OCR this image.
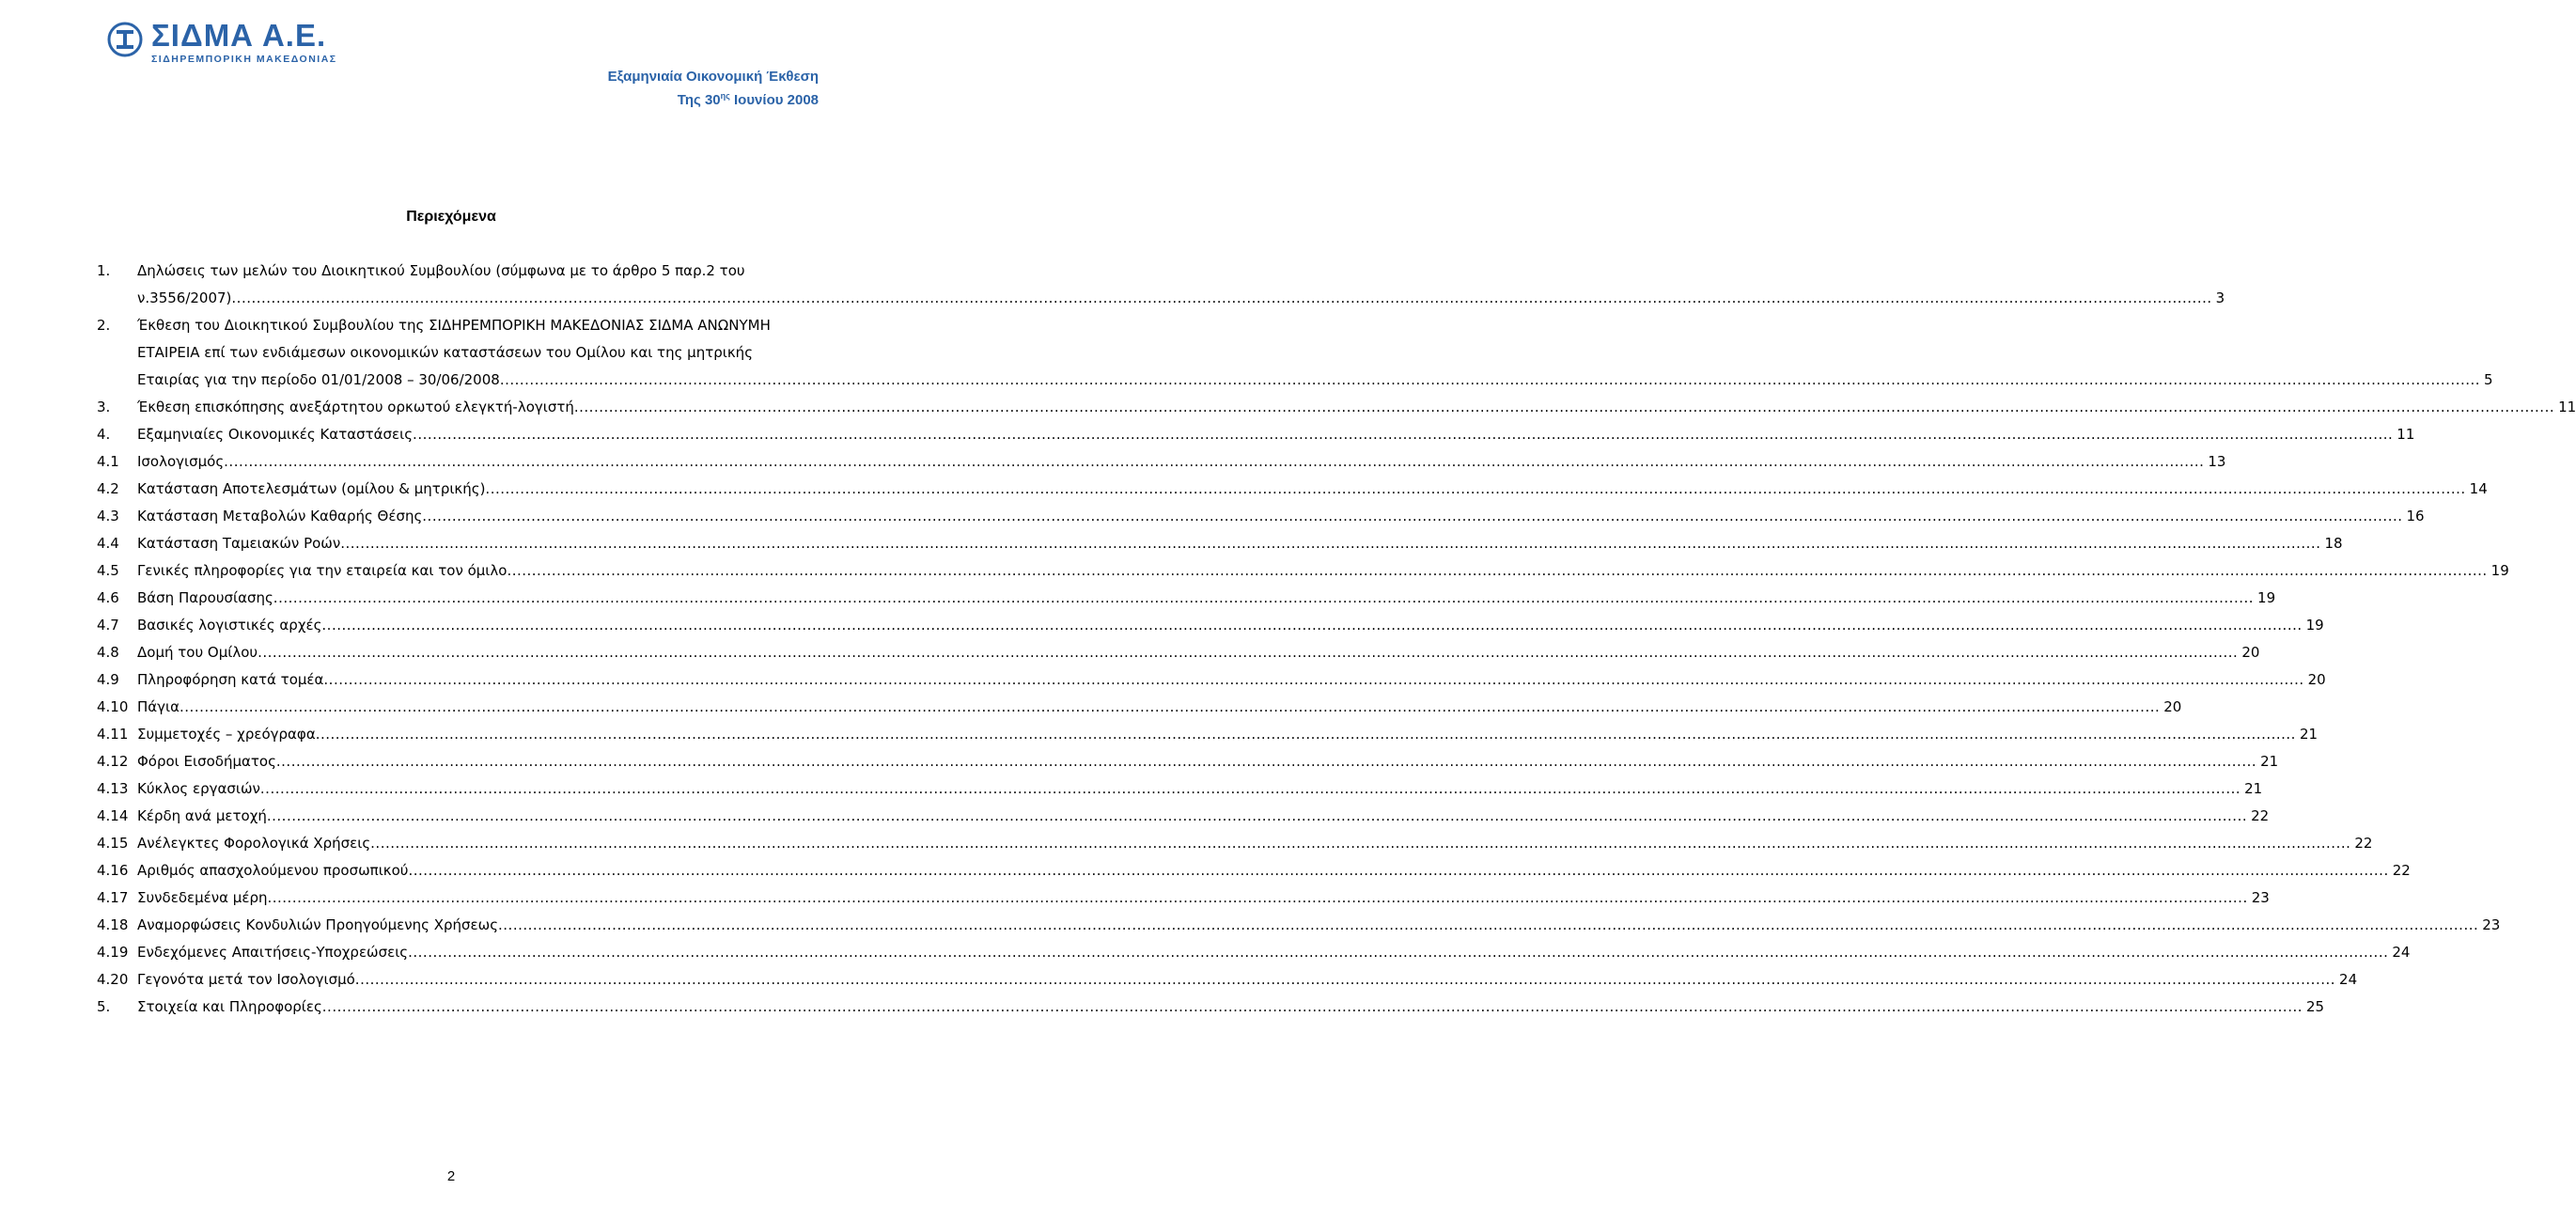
ΣΙΔΜΑ Α.Ε.
ΣΙΔΗΡΕΜΠΟΡΙΚΗ ΜΑΚΕΔΟΝΙΑΣ
Εξαμηνιαία Οικονομική Έκθεση
Της $30^{\eta\varsigma}$ Ιουνίου 2008
Περιεχόμενα
1. Δηλώσεις των μελών του Διοικητικού Συμβουλίου (σύμφωνα με το άρθρο 5 παρ.2 του
ν.3556/2007) ................................................................................................................................................................................................................................................................................................................................................................................................................ 3
2. Έκθεση του Διοικητικού Συμβουλίου της ΣΙΔΗΡΕΜΠΟΡΙΚΗ ΜΑΚΕΔΟΝΙΑΣ ΣΙΔΜΑ ΑΝΩΝΥΜΗ
ΕΤΑΙΡΕΙΑ επί των ενδιάμεσων οικονομικών καταστάσεων του Ομίλου και της μητρικής
Εταιρίας για την περίοδο 01/01/2008 – 30/06/2008 ................................................................................................................................................................................................................................................................................................................................................................................................................ 5
3. Έκθεση επισκόπησης ανεξάρτητου ορκωτού ελεγκτή-λογιστή ................................................................................................................................................................................................................................................................................................................................................................................................................ 11
4. Εξαμηνιαίες Οικονομικές Καταστάσεις ................................................................................................................................................................................................................................................................................................................................................................................................................ 11
4.1 Ισολογισμός ................................................................................................................................................................................................................................................................................................................................................................................................................ 13
4.2 Κατάσταση Αποτελεσμάτων (ομίλου & μητρικής) ................................................................................................................................................................................................................................................................................................................................................................................................................ 14
4.3 Κατάσταση Μεταβολών Καθαρής Θέσης ................................................................................................................................................................................................................................................................................................................................................................................................................ 16
4.4 Κατάσταση Ταμειακών Ροών ................................................................................................................................................................................................................................................................................................................................................................................................................ 18
4.5 Γενικές πληροφορίες για την εταιρεία και τον όμιλο ................................................................................................................................................................................................................................................................................................................................................................................................................ 19
4.6 Βάση Παρουσίασης ................................................................................................................................................................................................................................................................................................................................................................................................................ 19
4.7 Βασικές λογιστικές αρχές ................................................................................................................................................................................................................................................................................................................................................................................................................ 19
4.8 Δομή του Ομίλου ................................................................................................................................................................................................................................................................................................................................................................................................................ 20
4.9 Πληροφόρηση κατά τομέα ................................................................................................................................................................................................................................................................................................................................................................................................................ 20
4.10 Πάγια ................................................................................................................................................................................................................................................................................................................................................................................................................ 20
4.11 Συμμετοχές – χρεόγραφα ................................................................................................................................................................................................................................................................................................................................................................................................................ 21
4.12 Φόροι Εισοδήματος ................................................................................................................................................................................................................................................................................................................................................................................................................ 21
4.13 Κύκλος εργασιών ................................................................................................................................................................................................................................................................................................................................................................................................................ 21
4.14 Κέρδη ανά μετοχή ................................................................................................................................................................................................................................................................................................................................................................................................................ 22
4.15 Ανέλεγκτες Φορολογικά Χρήσεις ................................................................................................................................................................................................................................................................................................................................................................................................................ 22
4.16 Αριθμός απασχολούμενου προσωπικού ................................................................................................................................................................................................................................................................................................................................................................................................................ 22
4.17 Συνδεδεμένα μέρη ................................................................................................................................................................................................................................................................................................................................................................................................................ 23
4.18 Αναμορφώσεις Κονδυλιών Προηγούμενης Χρήσεως ................................................................................................................................................................................................................................................................................................................................................................................................................ 23
4.19 Ενδεχόμενες Απαιτήσεις-Υποχρεώσεις ................................................................................................................................................................................................................................................................................................................................................................................................................ 24
4.20 Γεγονότα μετά τον Ισολογισμό ................................................................................................................................................................................................................................................................................................................................................................................................................ 24
5. Στοιχεία και Πληροφορίες ................................................................................................................................................................................................................................................................................................................................................................................................................ 25
2
